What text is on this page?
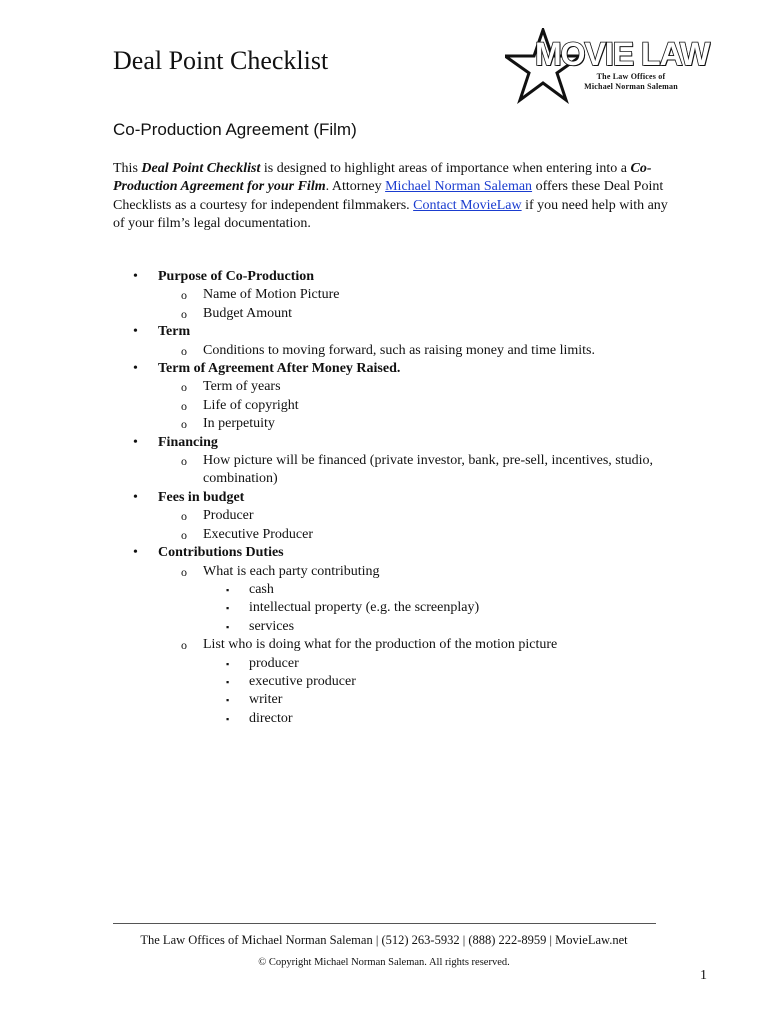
Deal Point Checklist	MOVIE LAW
The Law Offices of
Michael Norman Saleman
Co-Production Agreement (Film)

This Deal Point Checklist is designed to highlight areas of importance when entering into a Co-Production Agreement for your Film. Attorney Michael Norman Saleman offers these Deal Point Checklists as a courtesy for independent filmmakers. Contact MovieLaw if you need help with any of your film’s legal documentation.

• Purpose of Co-Production
o Name of Motion Picture
o Budget Amount
• Term
o Conditions to moving forward, such as raising money and time limits.
• Term of Agreement After Money Raised.
o Term of years
o Life of copyright
o In perpetuity
• Financing
o How picture will be financed (private investor, bank, pre-sell, incentives, studio, combination)
• Fees in budget
o Producer
o Executive Producer
• Contributions Duties
o What is each party contributing
▪ cash
▪ intellectual property (e.g. the screenplay)
▪ services
o List who is doing what for the production of the motion picture
▪ producer
▪ executive producer
▪ writer
▪ director
The Law Offices of Michael Norman Saleman | (512) 263-5932 | (888) 222-8959 | MovieLaw.net
© Copyright Michael Norman Saleman. All rights reserved.
1
